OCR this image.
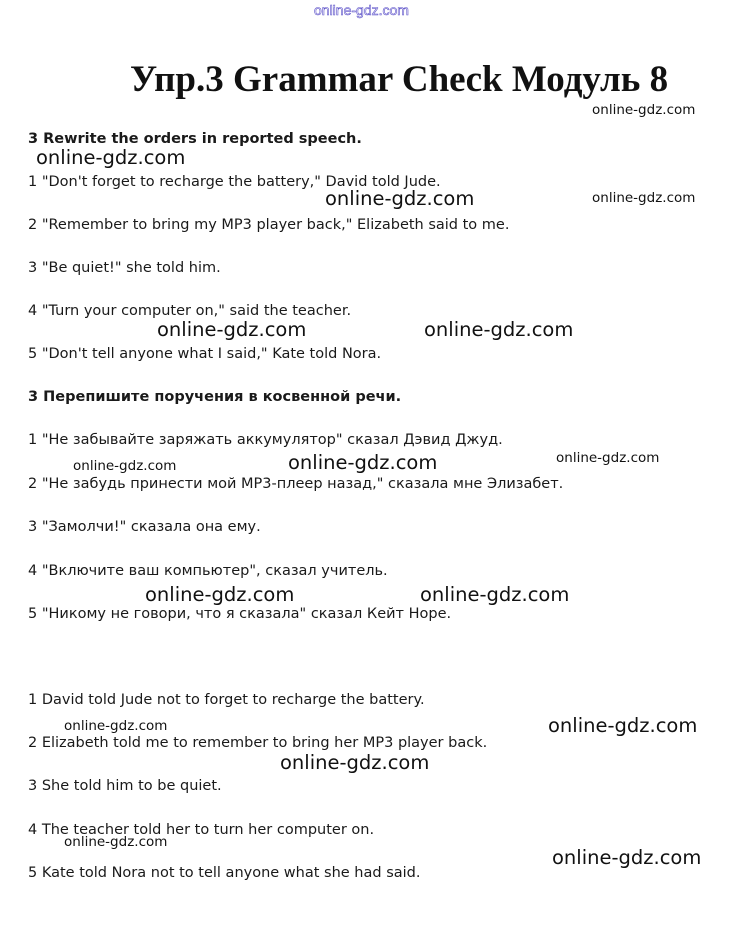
online-gdz.com
Упр.3 Grammar Check Модуль 8
3 Rewrite the orders in reported speech.
1 "Don't forget to recharge the battery," David told Jude.
2 "Remember to bring my MP3 player back," Elizabeth said to me.
3 "Be quiet!" she told him.
4 "Turn your computer on," said the teacher.
5 "Don't tell anyone what I said," Kate told Nora.
3 Перепишите поручения в косвенной речи.
1 "Не забывайте заряжать аккумулятор" сказал Дэвид Джуд.
2 "Не забудь принести мой MP3-плеер назад," сказала мне Элизабет.
3 "Замолчи!" сказала она ему.
4 "Включите ваш компьютер", сказал учитель.
5 "Никому не говори, что я сказала" сказал Кейт Норе.
1 David told Jude not to forget to recharge the battery.
2 Elizabeth told me to remember to bring her MP3 player back.
3 She told him to be quiet.
4 The teacher told her to turn her computer on.
5 Kate told Nora not to tell anyone what she had said.
online-gdz.com
online-gdz.com
online-gdz.com	online-gdz.com
online-gdz.com	online-gdz.com
online-gdz.com	online-gdz.com	online-gdz.com
online-gdz.com	online-gdz.com
online-gdz.com	online-gdz.com
online-gdz.com
online-gdz.com
online-gdz.com
